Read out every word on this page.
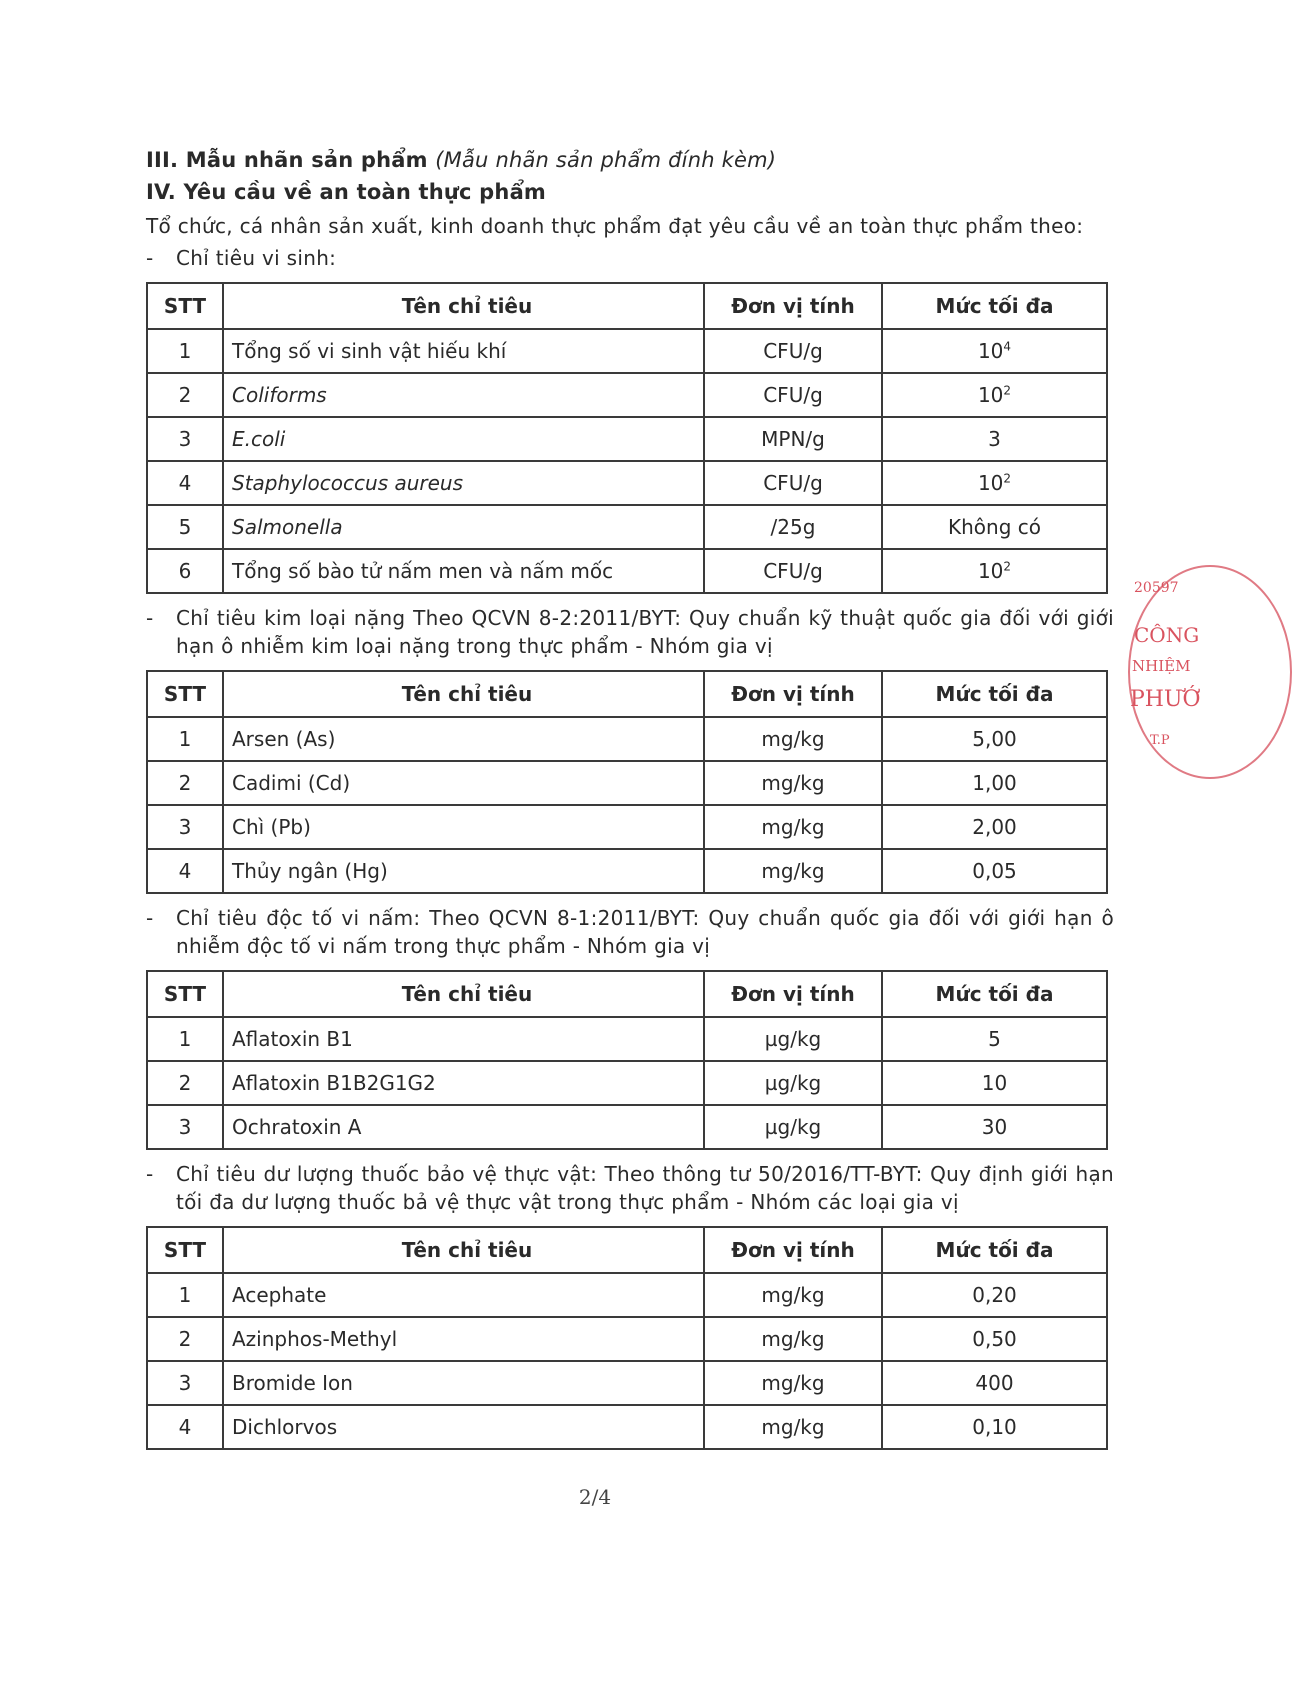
III. Mẫu nhãn sản phẩm (Mẫu nhãn sản phẩm đính kèm)
IV. Yêu cầu về an toàn thực phẩm
Tổ chức, cá nhân sản xuất, kinh doanh thực phẩm đạt yêu cầu về an toàn thực phẩm theo:
-	Chỉ tiêu vi sinh:
STT	Tên chỉ tiêu	Đơn vị tính	Mức tối đa
1	Tổng số vi sinh vật hiếu khí	CFU/g	$10^4$
2	Coliforms	CFU/g	$10^2$
3	E.coli	MPN/g	3
4	Staphylococcus aureus	CFU/g	$10^2$
5	Salmonella	/25g	Không có
6	Tổng số bào tử nấm men và nấm mốc	CFU/g	$10^2$
-	Chỉ tiêu kim loại nặng Theo QCVN 8-2:2011/BYT: Quy chuẩn kỹ thuật quốc gia đối với giới hạn ô nhiễm kim loại nặng trong thực phẩm - Nhóm gia vị
STT	Tên chỉ tiêu	Đơn vị tính	Mức tối đa
1	Arsen (As)	mg/kg	5,00
2	Cadimi (Cd)	mg/kg	1,00
3	Chì (Pb)	mg/kg	2,00
4	Thủy ngân (Hg)	mg/kg	0,05
-	Chỉ tiêu độc tố vi nấm: Theo QCVN 8-1:2011/BYT: Quy chuẩn quốc gia đối với giới hạn ô nhiễm độc tố vi nấm trong thực phẩm - Nhóm gia vị
STT	Tên chỉ tiêu	Đơn vị tính	Mức tối đa
1	Aflatoxin B1	µg/kg	5
2	Aflatoxin B1B2G1G2	µg/kg	10
3	Ochratoxin A	µg/kg	30
-	Chỉ tiêu dư lượng thuốc bảo vệ thực vật: Theo thông tư 50/2016/TT-BYT: Quy định giới hạn tối đa dư lượng thuốc bả vệ thực vật trong thực phẩm - Nhóm các loại gia vị
STT	Tên chỉ tiêu	Đơn vị tính	Mức tối đa
1	Acephate	mg/kg	0,20
2	Azinphos-Methyl	mg/kg	0,50
3	Bromide Ion	mg/kg	400
4	Dichlorvos	mg/kg	0,10
2/4
20597
CÔNG
NHIỆM
PHƯỚ
T.P
